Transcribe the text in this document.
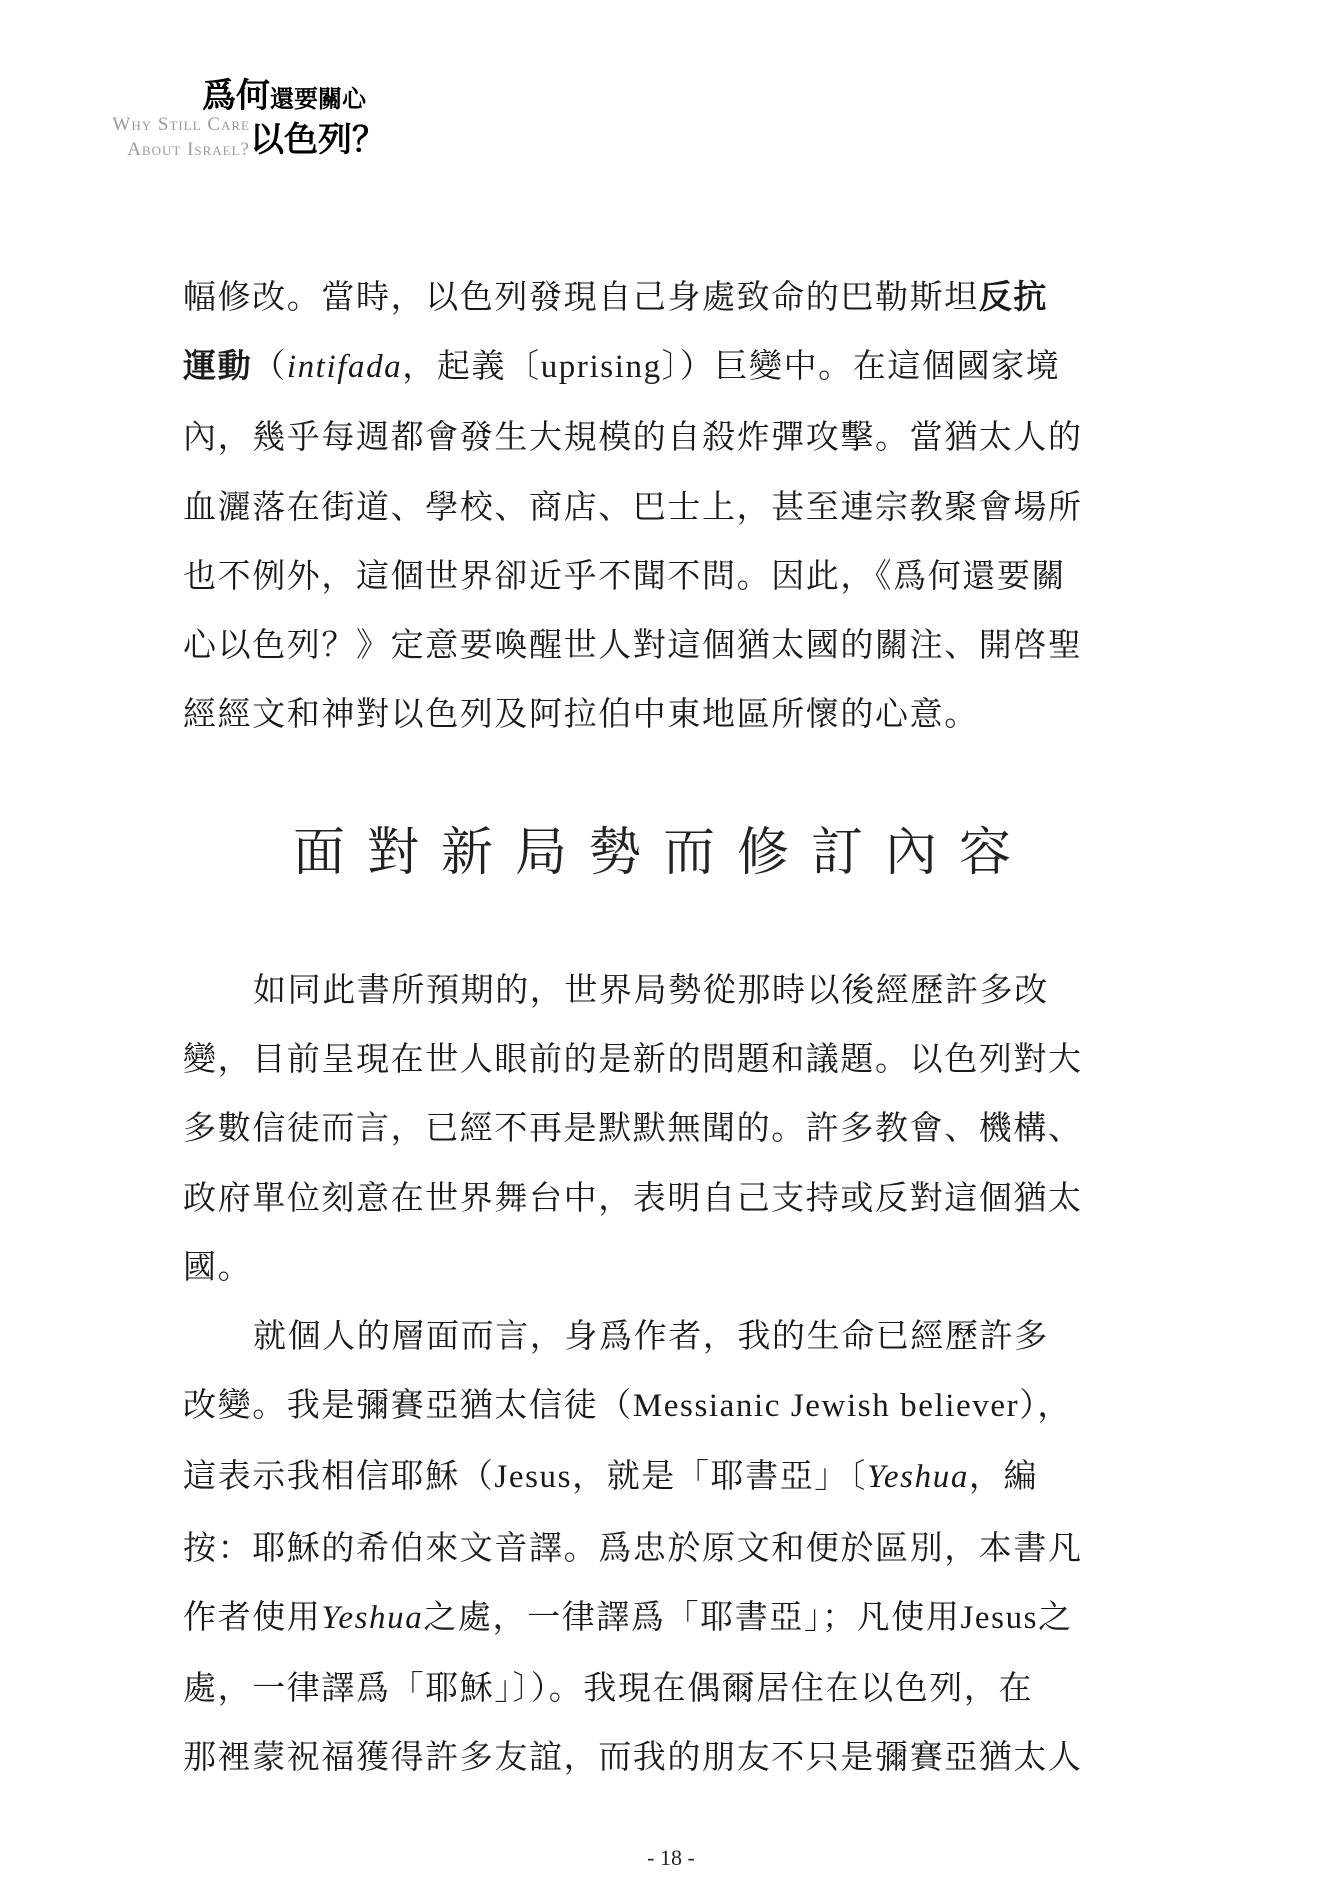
爲何還要關心
以色列？
Why Still Care
About Israel?

幅修改。當時，以色列發現自己身處致命的巴勒斯坦反抗
運動（intifada，起義〔uprising〕）巨變中。在這個國家境
內，幾乎每週都會發生大規模的自殺炸彈攻擊。當猶太人的
血灑落在街道、學校、商店、巴士上，甚至連宗教聚會場所
也不例外，這個世界卻近乎不聞不問。因此，《爲何還要關
心以色列？》定意要喚醒世人對這個猶太國的關注、開啓聖
經經文和神對以色列及阿拉伯中東地區所懷的心意。

面對新局勢而修訂內容

如同此書所預期的，世界局勢從那時以後經歷許多改
變，目前呈現在世人眼前的是新的問題和議題。以色列對大
多數信徒而言，已經不再是默默無聞的。許多教會、機構、
政府單位刻意在世界舞台中，表明自己支持或反對這個猶太
國。

就個人的層面而言，身爲作者，我的生命已經歷許多
改變。我是彌賽亞猶太信徒（Messianic Jewish believer），
這表示我相信耶穌（Jesus，就是「耶書亞」〔Yeshua，編
按：耶穌的希伯來文音譯。爲忠於原文和便於區別，本書凡
作者使用Yeshua之處，一律譯爲「耶書亞」；凡使用Jesus之
處，一律譯爲「耶穌」〕）。我現在偶爾居住在以色列，在
那裡蒙祝福獲得許多友誼，而我的朋友不只是彌賽亞猶太人

- 18 -
